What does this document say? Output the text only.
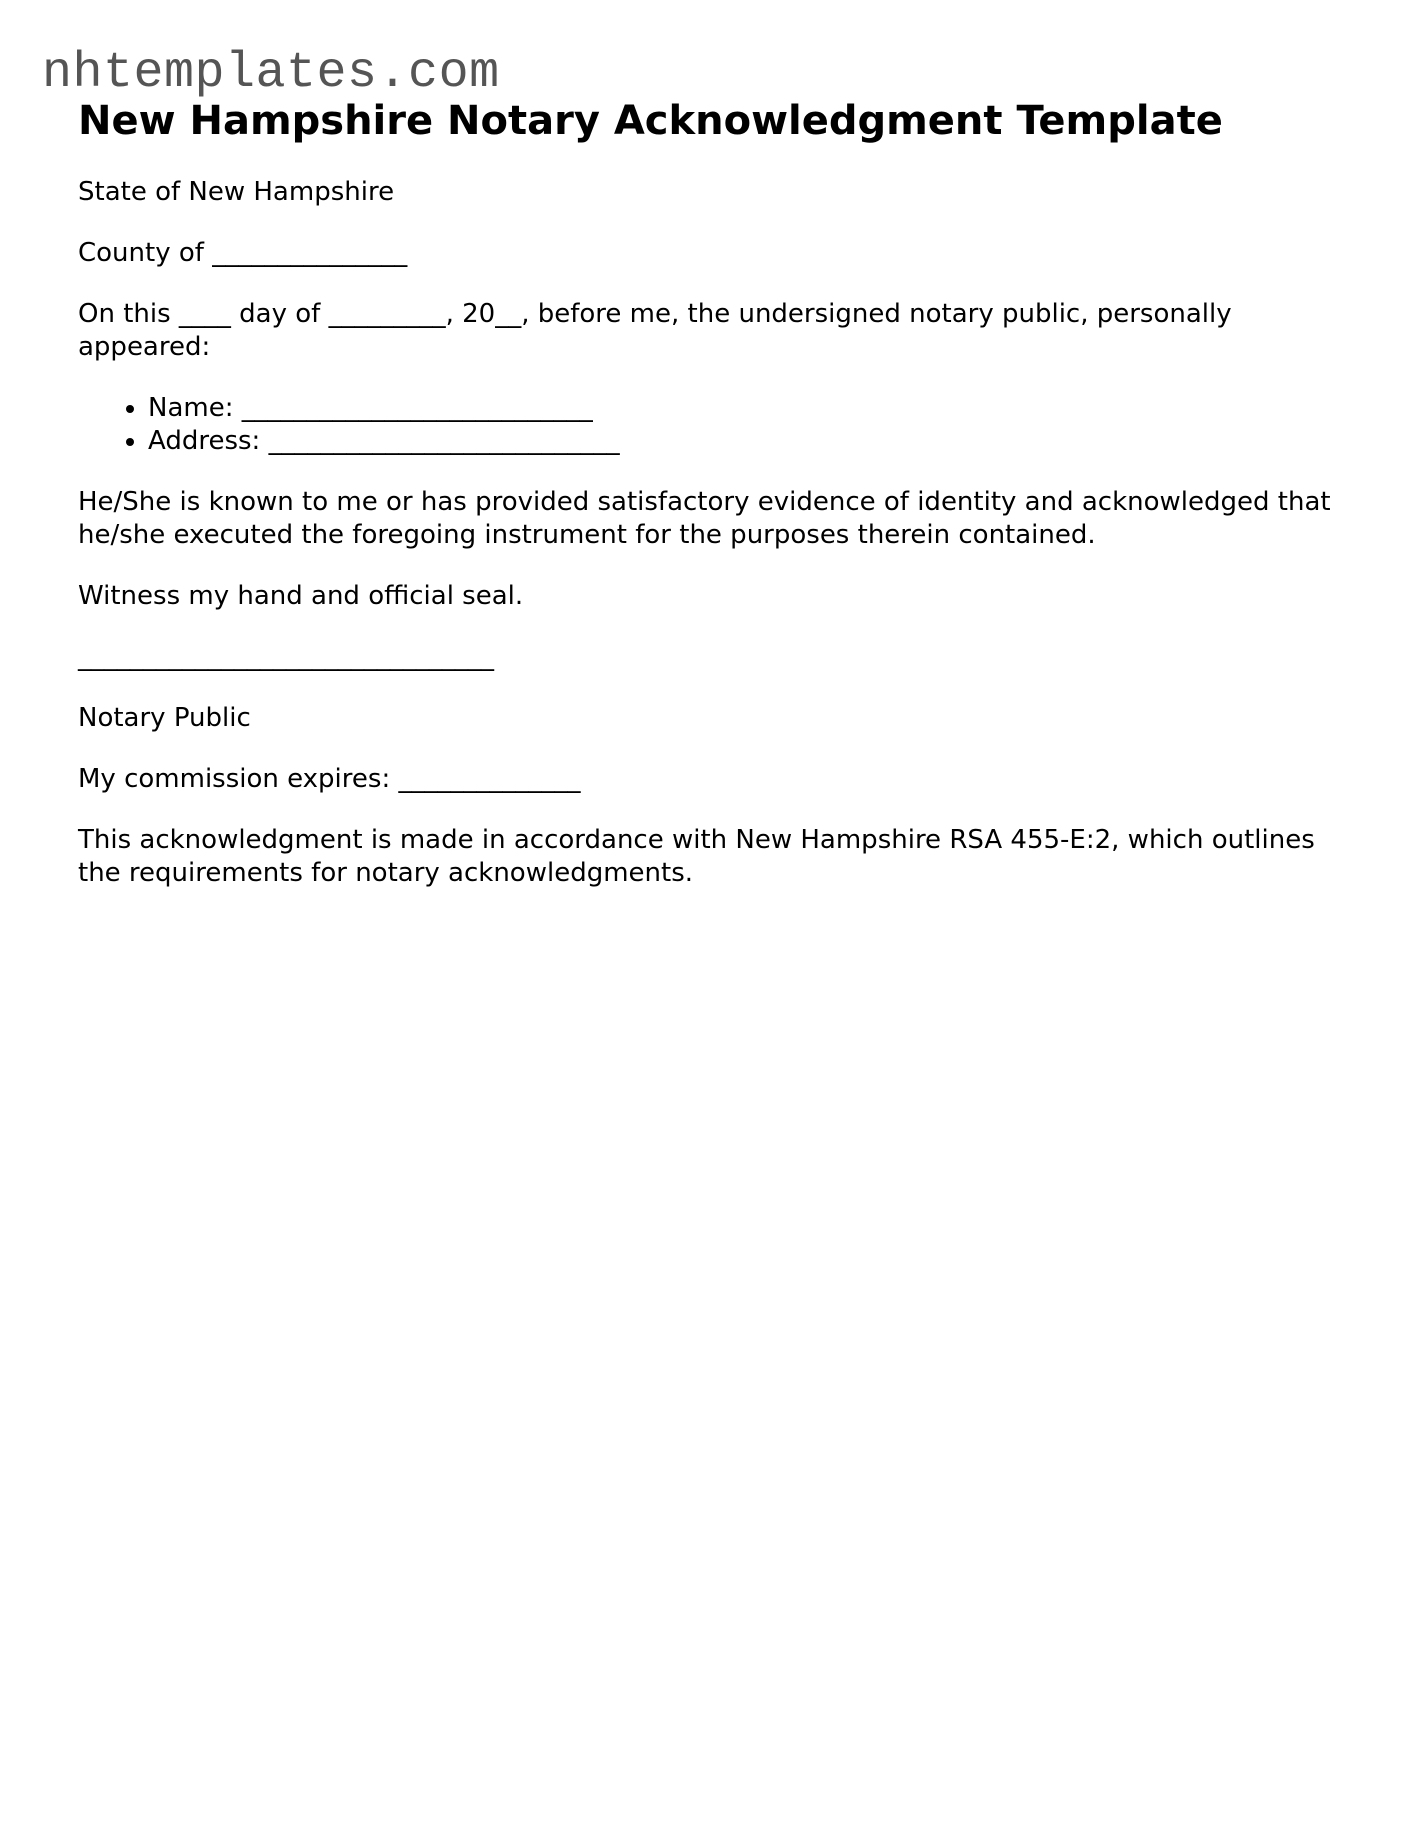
nhtemplates.com
New Hampshire Notary Acknowledgment Template

State of New Hampshire

County of _______________

On this ____ day of _________, 20__, before me, the undersigned notary public, personally appeared:

• Name: ___________________________
• Address: ___________________________

He/She is known to me or has provided satisfactory evidence of identity and acknowledged that he/she executed the foregoing instrument for the purposes therein contained.

Witness my hand and official seal.

________________________________

Notary Public

My commission expires: ______________

This acknowledgment is made in accordance with New Hampshire RSA 455-E:2, which outlines the requirements for notary acknowledgments.
